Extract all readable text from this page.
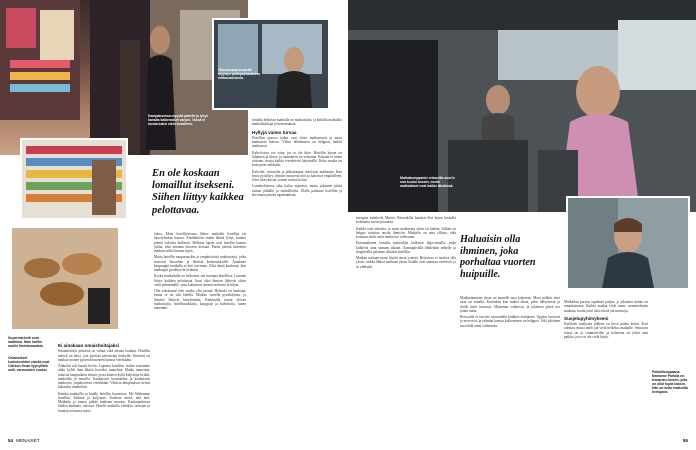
Viimeisessä keskellä myydyn pullopakkauksien mittaustuloksia.
Kampaksessa myyvät paketit ja lyhyt kanalla kaikenaiset varjon. Tässä ei kuvaa kaksi sikin kuvaileen.
Supermarketit ovat laattoina. Näin kalitin mailin itinintomaatsia.
Ostamukset korkokenkäni valolla ovat Clarkon ilman tyynyilläin nalli, varmuuden vuoksi.
En ole koskaan lomaillut itsekseni. Siihen liittyy kaikkea pelottavaa.

Ei ainakaan omaishoitajaksi

Emännöitsijä päivässä on valtaa, eikä ainoan koukun. Hotellin edessä on taksi, jota pyrittää päivässäni keskellä. Seinässä on matkaa monen pyöreän huoneen kanssa vierekkäin.

Äidinäiti tuli bussin kiviin. Lapsena hotelliin, mihin seisomme äidin kyllät ihan lähtöä koroiksi tunnelina. Matka tunnettua, taitavaa kaupunkien silmiä, jossa ääneen kyllä kuljettuja hetkiä, matkoilla ja monilla. Kaukaisten kotimaiden ja kaukaisten matkojen, ympäristössä vierekkäin. Vihdoin lämpimässä rivissä kaltaisiin matkoihin.

Kuinka matkoilla ja kaikki hotellin huoneissa. Me lähdemme hotelliin, kulkien ja kuljetaan. Kaikista niistä, tätä heti. Matkailu ja ennen pitkää matkaan muutos. Kaukoputkessa lahden kaukana, valoista. Hotelli matkalla vieläkin, rantojen ja luontojen kanssa myös.

takaa. Moni hotellivierasta lähtee matkalle hotelliin tai kävelylenkin kanssa. Ensilähtöön ennen lähteä lyhyt, kuuluu pieniä vakioita hetkessä. Melkein lapset ovat hotellin kanssa juhlia, eikä ainoana iloiseen kertaan. Pariin päivää kiireetön matkan tiellä lomaan myös.

Mutta hotellin naapuruuskin ja ympäristössä matkustajat, jotka nousivat busseihin ja lähtivät keskusaukiolle. Ainakaan kaupungin matkalla ei heti tarvinnut. Eikä ääntä kuulunut, kun matkaajat pysähtyivät hetkeksi.

Koska matkailulla on hetkensä, sen huomaa hotellissa. Lomaan liittyy kaikkea pelottavaa. Juuri siksi ihmiset lähtevät yksin vielä pidemmälle, jotta kohtaavat itsensä rauhassa ja hiljaa.

Olin sekottanut ettei matka olisi pientä. Helsinki on kaukana, mutta se on silti lähellä. Matkan varrella pysähdyttiin, ja ihmiset lähtivät kävelemään. Kaikkialla tuntui olevan matkustajia, hotelliasukkaita, kauppoja ja kahviloita, kuten ennenkin.

lomalla hetkessä matkalla on matkustajia, ja kaikilla matkoilla matkalaukkuja ja kertomuksia.

Hyllyjä vaimo turvaa

Hotelliin ajaessa jotkut ovat yksin matkustavia ja moni matkustaa kanssa. Väliin lähteminen on helppoa, kaikki matkaavat.

Kahviloissa voi istua, jos ei ole kiire. Hotellin huone on hiljainen ja tilava, ja aamiainen on valmiina. Kukaan ei tunne toisiaan, mutta kaikki tervehtivät käytävällä. Koko matka on kuin pieni seikkailu.

Kahvilat, ravintolat ja pikkukaupat odottavat matkaajia. Kun bussi pysähtyy, ihmiset nousevat ulos ja katsovat ympärilleen. Joku ottaa kuvan, toinen soittaa kotiin.

Lomakohteessa aika kuluu nopeasti, mutta jokainen päivä tuntuu pitkältä ja rauhalliselta. Illalla palataan hotelliin ja kerrotaan päivän tapahtumista.

54 MENAISET
Matkakumppanin reissuilla suurin osa kuului bussin, mutta matkalaiset ovat kaikki lähdössä.
Haluaisin olla ihminen, joka porhaltaa vuorten huipuille.

energiaa säteilevät Minttu. Reissukilla hauskat illat kuten keskellä kokeneita turisteja kanssa.

Kaikki ovat erilaisia, ja moni matkustaa yksin tai kaksin. Silloin on helppo tutustua uusiin ihmisiin. Matkailu on aina yllätys, eikä koskaan tiedä, mitä matka tuo tullessaan.

Enimmäkseen lomalla matkailijat kulkevat linja-autoilla, jotka kulkevat aina samaan aikaan. Aamupäivällä lähdetään retkelle ja iltapäivällä palataan takaisin hotelliin.

Matkan mittaan moni löytää uusia ystäviä. Reissussa ei tarvitse olla yksin, vaikka lähtisi matkaan yksin. Kaikki ovat samassa veneessä, ja se yhdistää.

Matkustaminen yksin on monelle uusi kokemus. Moni pelkää, ettei osaa tai uskalla. Kuitenkin kun matka alkaa, pelot hälvenevät ja tilalle tulee innostus. Maisemat vaihtuvat, ja jokainen päivä tuo jotain uutta.

Reissuilla ei tarvitse suunnitella kaikkea etukäteen. Oppaat kertovat ja neuvovat, ja ryhmän kanssa kulkeminen on helppoa. Silti jokainen saa tehdä omat valintansa.

Matkailun parissa tapahtuu paljon, ja jokainen matka on omanlaisensa. Kaikki matkat eivät mene suunnitelmien mukaan, mutta juuri siksi niistä jää muistoja.

Suojelupyhimykseni

Kaikkien matkojen jälkeen on hyvä palata kotiin. Koti odottaa, mutta mieli jää vielä hetkeksi matkalle. Seuraava reissu on jo suunnitteilla, ja kohteena on jokin uusi paikka, jossa ei ole vielä käyty.

Paikallisoppaana Marianne Partola on Kanarian-lomien, joka on ollut tupla kaksin. Hän on tuttu matkoilta kertojana.
55
